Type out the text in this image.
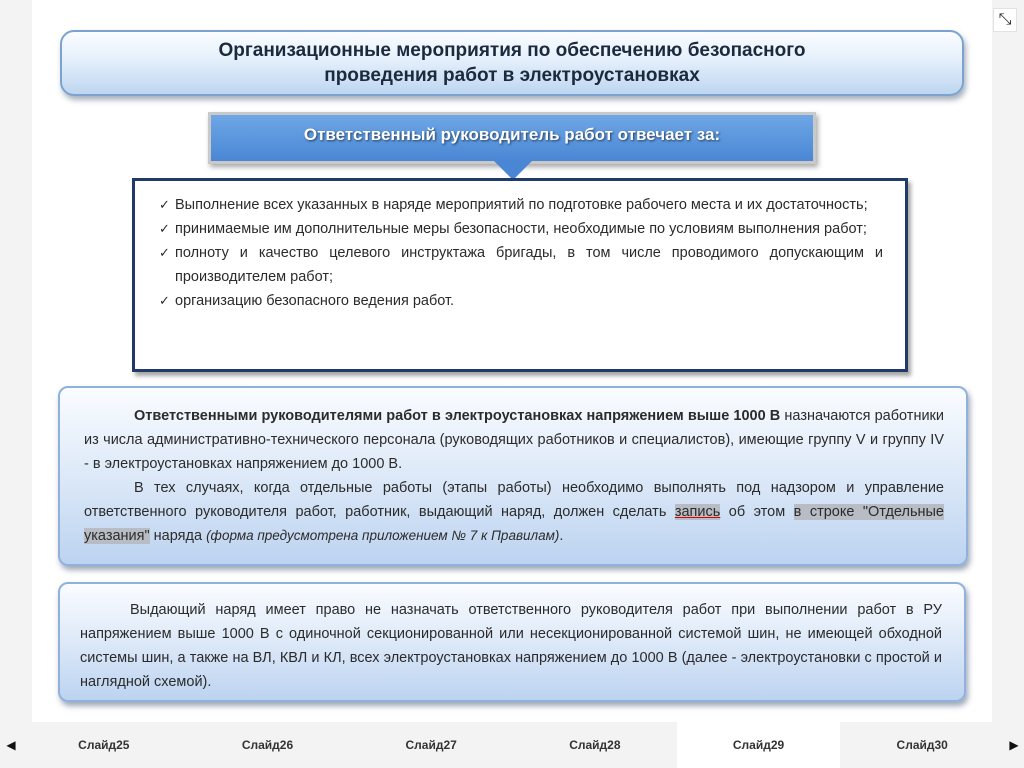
⤡
Организационные мероприятия по обеспечению безопасного
проведения работ в электроустановках
Ответственный руководитель работ отвечает за:
✓ Выполнение всех указанных в наряде мероприятий по подготовке рабочего места и их достаточность;
✓ принимаемые им дополнительные меры безопасности, необходимые по условиям выполнения работ;
✓ полноту и качество целевого инструктажа бригады, в том числе проводимого допускающим и производителем работ;
✓ организацию безопасного ведения работ.

Ответственными руководителями работ в электроустановках напряжением выше 1000 В назначаются работники из числа административно-технического персонала (руководящих работников и специалистов), имеющие группу V и группу IV - в электроустановках напряжением до 1000 В.

В тех случаях, когда отдельные работы (этапы работы) необходимо выполнять под надзором и управление ответственного руководителя работ, работник, выдающий наряд, должен сделать запись об этом в строке "Отдельные указания" наряда (форма предусмотрена приложением № 7 к Правилам).

Выдающий наряд имеет право не назначать ответственного руководителя работ при выполнении работ в РУ напряжением выше 1000 В с одиночной секционированной или несекционированной системой шин, не имеющей обходной системы шин, а также на ВЛ, КВЛ и КЛ, всех электроустановках напряжением до 1000 В (далее - электроустановки с простой и наглядной схемой).

◀	Слайд25	Слайд26	Слайд27	Слайд28	Слайд29	Слайд30	▶
